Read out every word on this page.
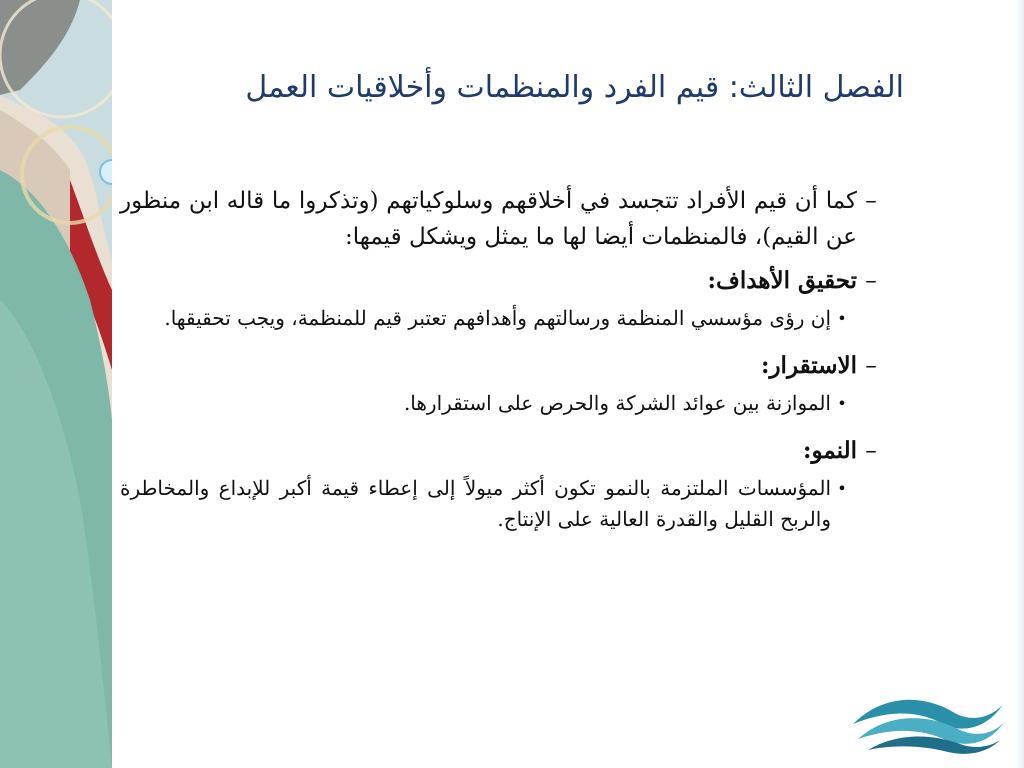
الفصل الثالث: قيم الفرد والمنظمات وأخلاقيات العمل
–
كما أن قيم الأفراد تتجسد في أخلاقهم وسلوكياتهم (وتذكروا ما قاله ابن منظور عن القيم)، فالمنظمات أيضا لها ما يمثل ويشكل قيمها:
–
تحقيق الأهداف:
•
إن رؤى مؤسسي المنظمة ورسالتهم وأهدافهم تعتبر قيم للمنظمة، ويجب تحقيقها.
–
الاستقرار:
•
الموازنة بين عوائد الشركة والحرص على استقرارها.
–
النمو:
•
المؤسسات الملتزمة بالنمو تكون أكثر ميولاً إلى إعطاء قيمة أكبر للإبداع والمخاطرة والربح القليل والقدرة العالية على الإنتاج.
